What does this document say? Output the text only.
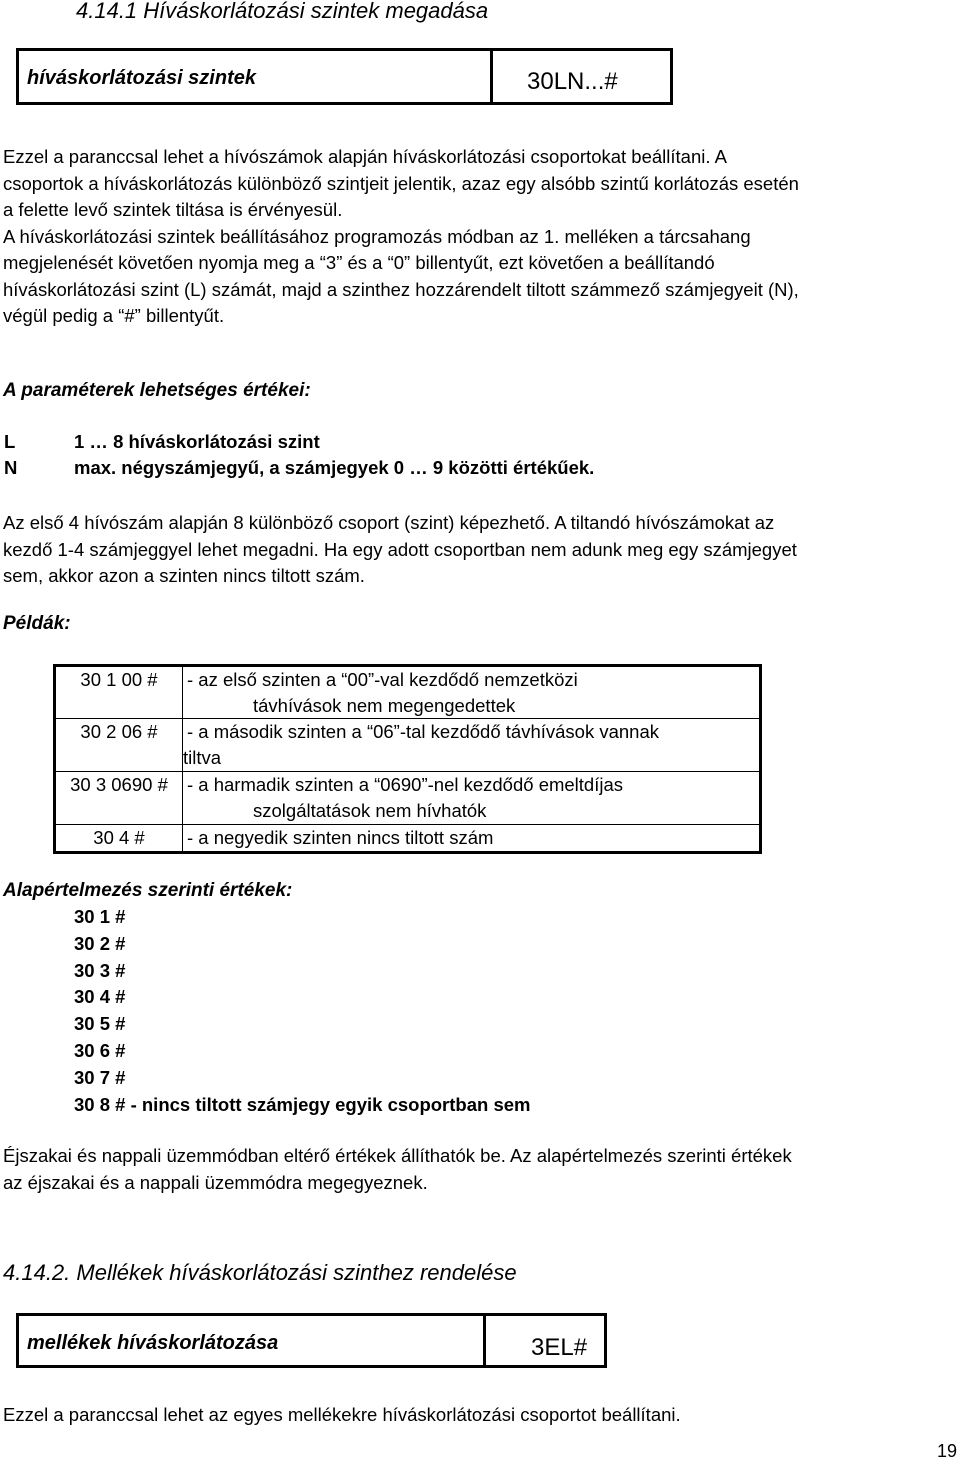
4.14.1 Híváskorlátozási szintek megadása
híváskorlátozási szintek	30LN...#
Ezzel a paranccsal lehet a hívószámok alapján híváskorlátozási csoportokat beállítani. A
csoportok a híváskorlátozás különböző szintjeit jelentik, azaz egy alsóbb szintű korlátozás esetén
a felette levő szintek tiltása is érvényesül.
A híváskorlátozási szintek beállításához programozás módban az 1. melléken a tárcsahang
megjelenését követően nyomja meg a “3” és a “0” billentyűt, ezt követően a beállítandó
híváskorlátozási szint (L) számát, majd a szinthez hozzárendelt tiltott számmező számjegyeit (N),
végül pedig a “#” billentyűt.
A paraméterek lehetséges értékei:
L	1 … 8 híváskorlátozási szint
N	max. négyszámjegyű, a számjegyek 0 … 9 közötti értékűek.
Az első 4 hívószám alapján 8 különböző csoport (szint) képezhető. A tiltandó hívószámokat az
kezdő 1-4 számjeggyel lehet megadni. Ha egy adott csoportban nem adunk meg egy számjegyet
sem, akkor azon a szinten nincs tiltott szám.
Példák:
30 1 00 #	- az első szinten a “00”-val kezdődő nemzetközi
távhívások nem megengedettek

30 2 06 #	- a második szinten a “06”-tal kezdődő távhívások vannak
tiltva

30 3 0690 #	- a harmadik szinten a “0690”-nel kezdődő emeltdíjas
szolgáltatások nem hívhatók

30 4 #	- a negyedik szinten nincs tiltott szám
Alapértelmezés szerinti értékek:
30 1 #
30 2 #
30 3 #
30 4 #
30 5 #
30 6 #
30 7 #
30 8 # - nincs tiltott számjegy egyik csoportban sem
Éjszakai és nappali üzemmódban eltérő értékek állíthatók be. Az alapértelmezés szerinti értékek
az éjszakai és a nappali üzemmódra megegyeznek.
4.14.2. Mellékek híváskorlátozási szinthez rendelése
mellékek híváskorlátozása	3EL#
Ezzel a paranccsal lehet az egyes mellékekre híváskorlátozási csoportot beállítani.
19
